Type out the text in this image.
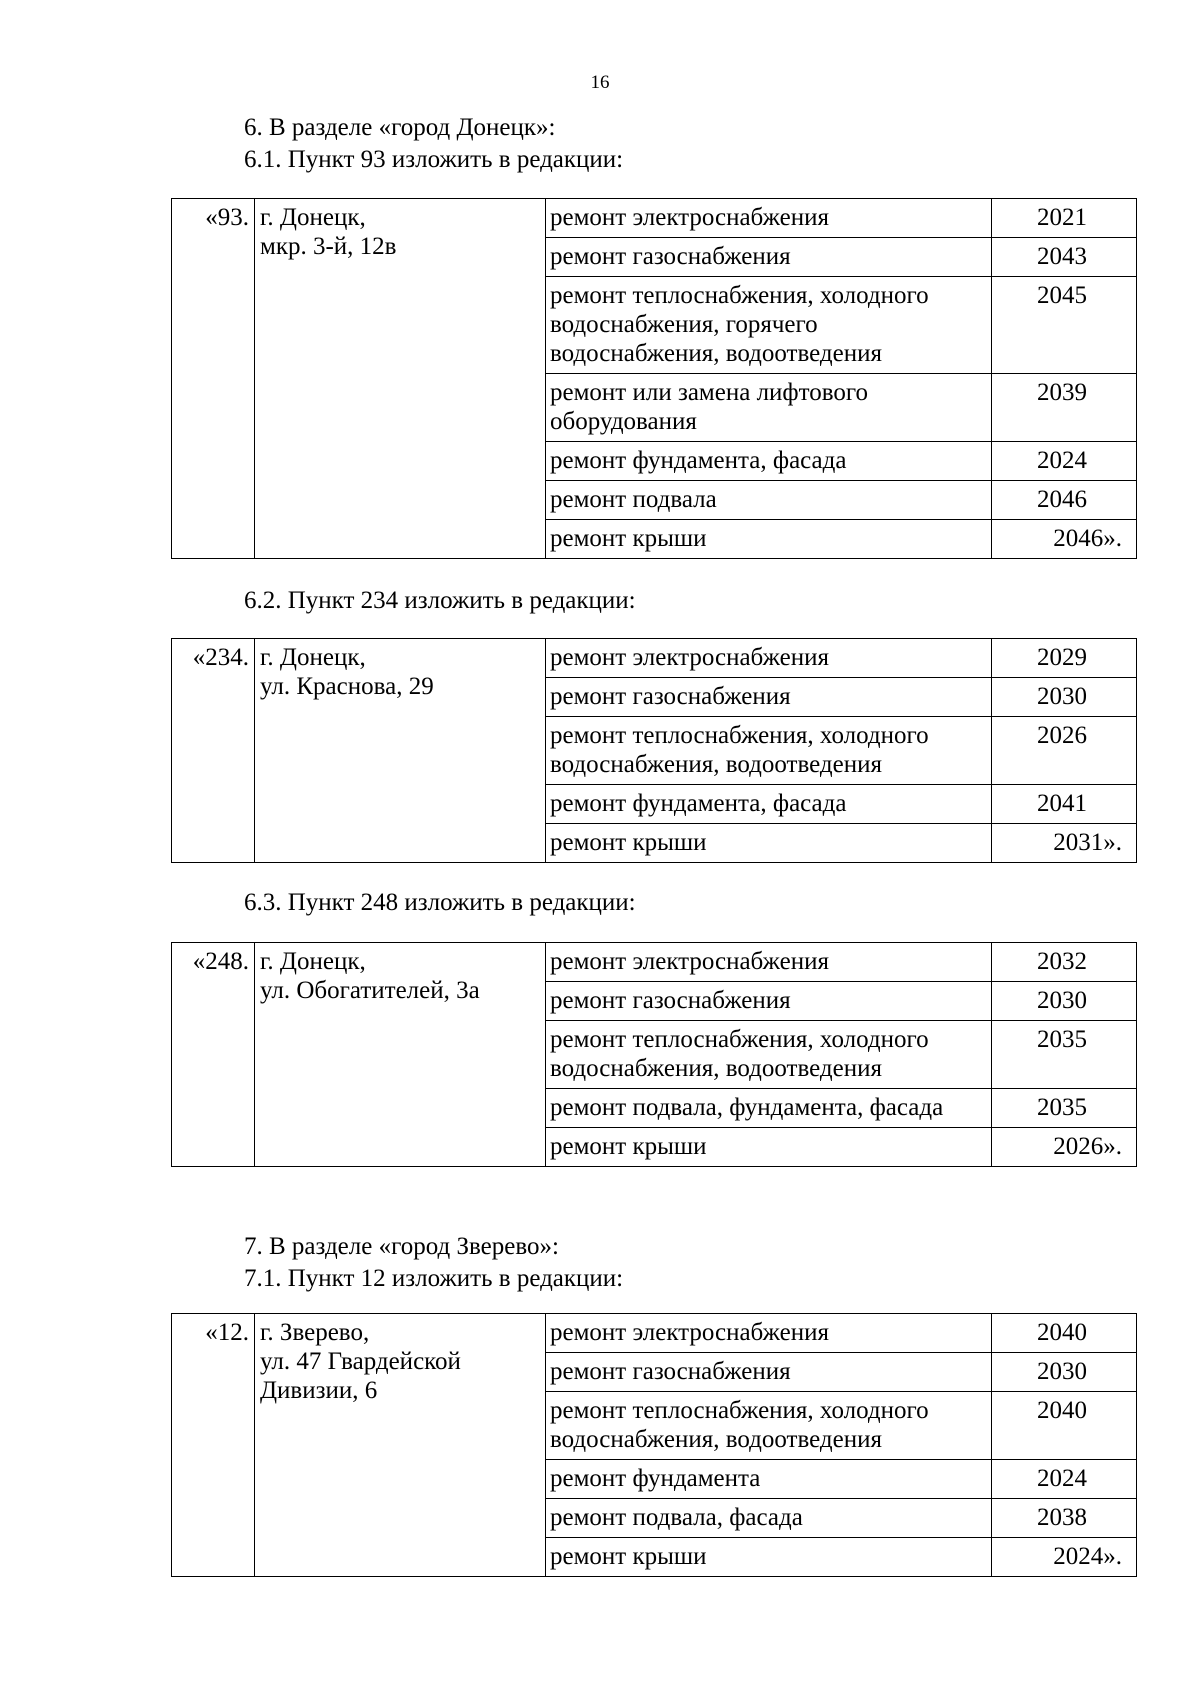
16
6. В разделе «город Донецк»:
6.1. Пункт 93 изложить в редакции:
«93.	г. Донецк,
мкр. 3-й, 12в	ремонт электроснабжения	2021
		ремонт газоснабжения	2043
		ремонт теплоснабжения, холодного водоснабжения, горячего водоснабжения, водоотведения	2045
		ремонт или замена лифтового оборудования	2039
		ремонт фундамента, фасада	2024
		ремонт подвала	2046
		ремонт крыши	2046».
6.2. Пункт 234 изложить в редакции:
«234.	г. Донецк,
ул. Краснова, 29	ремонт электроснабжения	2029
		ремонт газоснабжения	2030
		ремонт теплоснабжения, холодного водоснабжения, водоотведения	2026
		ремонт фундамента, фасада	2041
		ремонт крыши	2031».
6.3. Пункт 248 изложить в редакции:
«248.	г. Донецк,
ул. Обогатителей, 3а	ремонт электроснабжения	2032
		ремонт газоснабжения	2030
		ремонт теплоснабжения, холодного водоснабжения, водоотведения	2035
		ремонт подвала, фундамента, фасада	2035
		ремонт крыши	2026».
7. В разделе «город Зверево»:
7.1. Пункт 12 изложить в редакции:
«12.	г. Зверево,
ул. 47 Гвардейской
Дивизии, 6	ремонт электроснабжения	2040
		ремонт газоснабжения	2030
		ремонт теплоснабжения, холодного водоснабжения, водоотведения	2040
		ремонт фундамента	2024
		ремонт подвала, фасада	2038
		ремонт крыши	2024».
